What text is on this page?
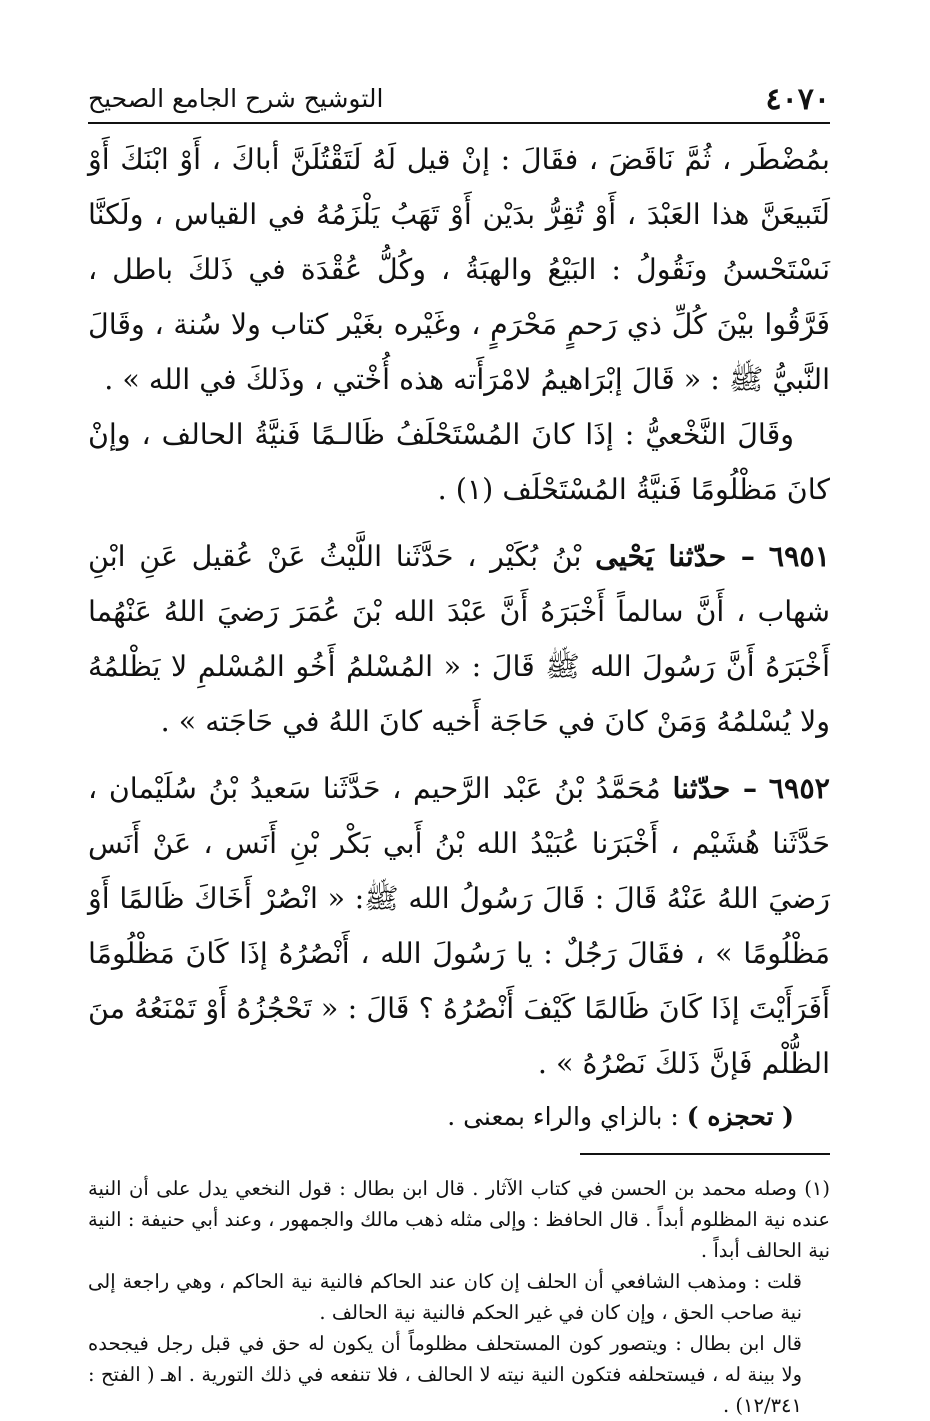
٤٠٧٠
التوشيح شرح الجامع الصحيح

بمُضْطَر ، ثُمَّ نَاقَضَ ، فقَالَ : إنْ قيل لَهُ لَتَقْتُلَنَّ أباكَ ، أَوْ ابْنَكَ أَوْ لَتَبيعَنَّ هذا العَبْدَ ، أَوْ تُقِرُّ بدَيْن أَوْ تَهَبُ يَلْزَمُهُ في القياس ، ولَكنَّا نَسْتَحْسنُ ونَقُولُ : البَيْعُ والهبَةُ ، وكُلُّ عُقْدَة في ذَلكَ باطل ، فَرَّقُوا بيْنَ كُلِّ ذي رَحمٍ مَحْرَمٍ ، وغَيْره بغَيْر كتاب ولا سُنة ، وقَالَ النَّبيُّ ﷺ : « قَالَ إبْرَاهيمُ لامْرَأَته هذه أُخْتي ، وذَلكَ في الله » .

وقَالَ النَّخْعيُّ : إذَا كانَ المُسْتَحْلَفُ ظَالـمًا فَنيَّةُ الحالف ، وإنْ كانَ مَظْلُومًا فَنيَّةُ المُسْتَحْلَف (١) .

٦٩٥١ – حدّثنا يَحْيى بْنُ بُكَيْر ، حَدَّثَنا اللَّيْثُ عَنْ عُقيل عَنِ ابْنِ شهاب ، أَنَّ سالماً أَخْبَرَهُ أَنَّ عَبْدَ الله بْنَ عُمَرَ رَضيَ اللهُ عَنْهُما أَخْبَرَهُ أَنَّ رَسُولَ الله ﷺ قَالَ : « المُسْلمُ أَخُو المُسْلمِ لا يَظْلمُهُ ولا يُسْلمُهُ وَمَنْ كانَ في حَاجَة أَخيه كانَ اللهُ في حَاجَته » .

٦٩٥٢ – حدّثنا مُحَمَّدُ بْنُ عَبْد الرَّحيم ، حَدَّثَنا سَعيدُ بْنُ سُلَيْمان ، حَدَّثَنا هُشَيْم ، أَخْبَرَنا عُبَيْدُ الله بْنُ أَبي بَكْر بْنِ أَنَس ، عَنْ أَنَس رَضيَ اللهُ عَنْهُ قَالَ : قَالَ رَسُولُ الله ﷺ: « انْصُرْ أَخَاكَ ظَالمًا أَوْ مَظْلُومًا » ، فقَالَ رَجُلٌ : يا رَسُولَ الله ، أَنْصُرُهُ إذَا كَانَ مَظْلُومًا أَفَرَأَيْتَ إذَا كَانَ ظَالمًا كَيْفَ أَنْصُرُهُ ؟ قَالَ : « تَحْجُزُهُ أَوْ تَمْنَعُهُ منَ الظُّلْم فَإنَّ ذَلكَ نَصْرُهُ » .

( تحجزه ) : بالزاي والراء بمعنى .

(١) وصله محمد بن الحسن في كتاب الآثار . قال ابن بطال : قول النخعي يدل على أن النية عنده نية المظلوم أبداً . قال الحافظ : وإلى مثله ذهب مالك والجمهور ، وعند أبي حنيفة : النية نية الحالف أبداً .

قلت : ومذهب الشافعي أن الحلف إن كان عند الحاكم فالنية نية الحاكم ، وهي راجعة إلى نية صاحب الحق ، وإن كان في غير الحكم فالنية نية الحالف .

قال ابن بطال : ويتصور كون المستحلف مظلوماً أن يكون له حق في قبل رجل فيجحده ولا بينة له ، فيستحلفه فتكون النية نيته لا الحالف ، فلا تنفعه في ذلك التورية . اهـ ( الفتح : ١٢/٣٤١) .
